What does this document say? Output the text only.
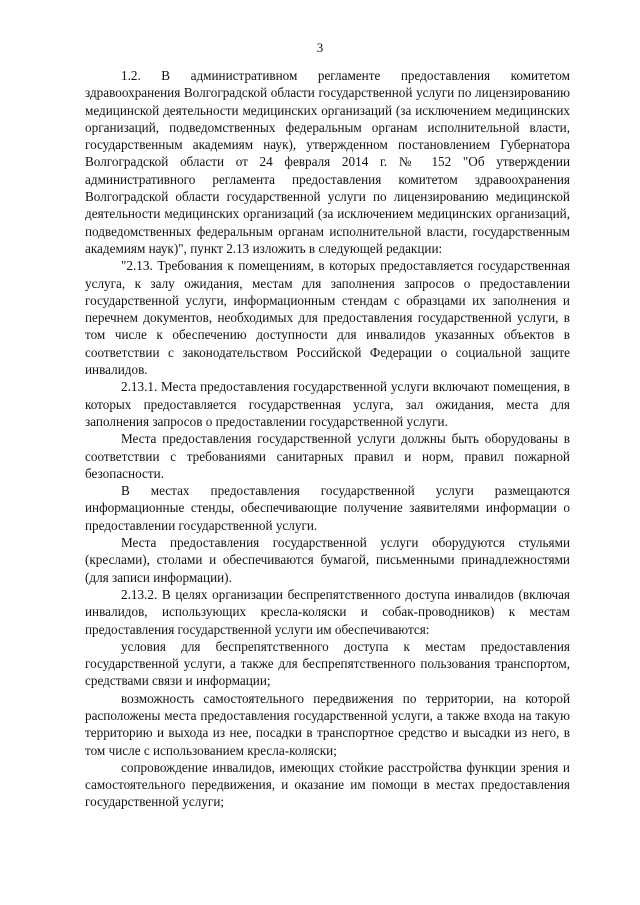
3

1.2. В административном регламенте предоставления комитетом здравоохранения Волгоградской области государственной услуги по лицензированию медицинской деятельности медицинских организаций (за исключением медицинских организаций, подведомственных федеральным органам исполнительной власти, государственным академиям наук), утвержденном постановлением Губернатора Волгоградской области от 24 февраля 2014 г. № 152 "Об утверждении административного регламента предоставления комитетом здравоохранения Волгоградской области государственной услуги по лицензированию медицинской деятельности медицинских организаций (за исключением медицинских организаций, подведомственных федеральным органам исполнительной власти, государственным академиям наук)", пункт 2.13 изложить в следующей редакции:

"2.13. Требования к помещениям, в которых предоставляется государственная услуга, к залу ожидания, местам для заполнения запросов о предоставлении государственной услуги, информационным стендам с образцами их заполнения и перечнем документов, необходимых для предоставления государственной услуги, в том числе к обеспечению доступности для инвалидов указанных объектов в соответствии с законодательством Российской Федерации о социальной защите инвалидов.

2.13.1. Места предоставления государственной услуги включают помещения, в которых предоставляется государственная услуга, зал ожидания, места для заполнения запросов о предоставлении государственной услуги.

Места предоставления государственной услуги должны быть оборудованы в соответствии с требованиями санитарных правил и норм, правил пожарной безопасности.

В местах предоставления государственной услуги размещаются информационные стенды, обеспечивающие получение заявителями информации о предоставлении государственной услуги.

Места предоставления государственной услуги оборудуются стульями (креслами), столами и обеспечиваются бумагой, письменными принадлежностями (для записи информации).

2.13.2. В целях организации беспрепятственного доступа инвалидов (включая инвалидов, использующих кресла-коляски и собак-проводников) к местам предоставления государственной услуги им обеспечиваются:

условия для беспрепятственного доступа к местам предоставления государственной услуги, а также для беспрепятственного пользования транспортом, средствами связи и информации;

возможность самостоятельного передвижения по территории, на которой расположены места предоставления государственной услуги, а также входа на такую территорию и выхода из нее, посадки в транспортное средство и высадки из него, в том числе с использованием кресла-коляски;

сопровождение инвалидов, имеющих стойкие расстройства функции зрения и самостоятельного передвижения, и оказание им помощи в местах предоставления государственной услуги;
